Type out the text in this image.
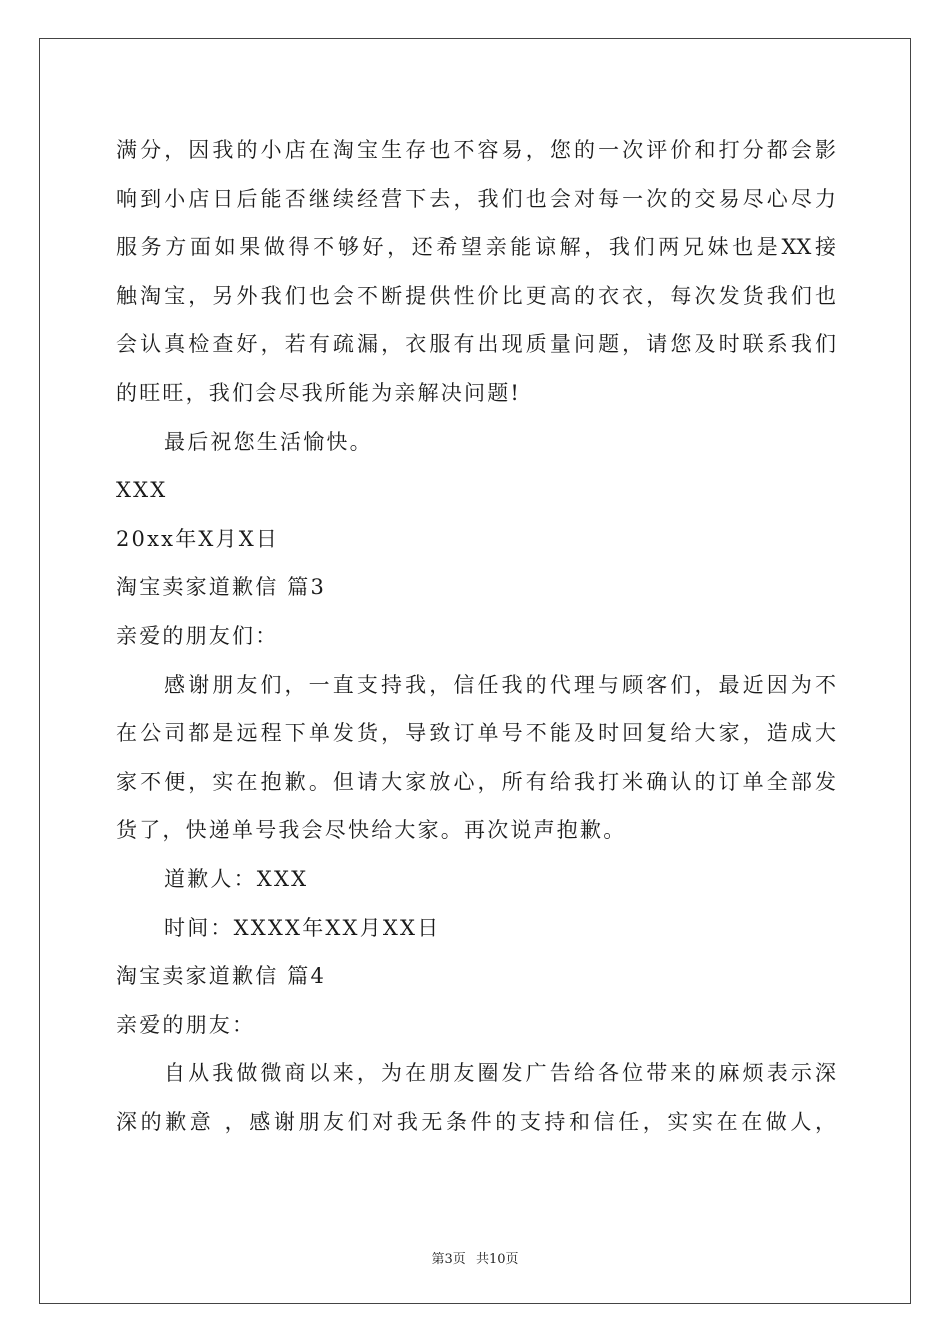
满分，因我的小店在淘宝生存也不容易，您的一次评价和打分都会影
响到小店日后能否继续经营下去，我们也会对每一次的交易尽心尽力
服务方面如果做得不够好，还希望亲能谅解，我们两兄妹也是XX接
触淘宝，另外我们也会不断提供性价比更高的衣衣，每次发货我们也
会认真检查好，若有疏漏，衣服有出现质量问题，请您及时联系我们
的旺旺，我们会尽我所能为亲解决问题!
最后祝您生活愉快。
XXX
20xx年X月X日
淘宝卖家道歉信 篇3
亲爱的朋友们：
感谢朋友们，一直支持我，信任我的代理与顾客们，最近因为不
在公司都是远程下单发货，导致订单号不能及时回复给大家，造成大
家不便，实在抱歉。但请大家放心，所有给我打米确认的订单全部发
货了，快递单号我会尽快给大家。再次说声抱歉。
道歉人：XXX
时间：XXXX年XX月XX日
淘宝卖家道歉信 篇4
亲爱的朋友：
自从我做微商以来，为在朋友圈发广告给各位带来的麻烦表示深
深的歉意 ，感谢朋友们对我无条件的支持和信任，实实在在做人，
第3页 共10页
